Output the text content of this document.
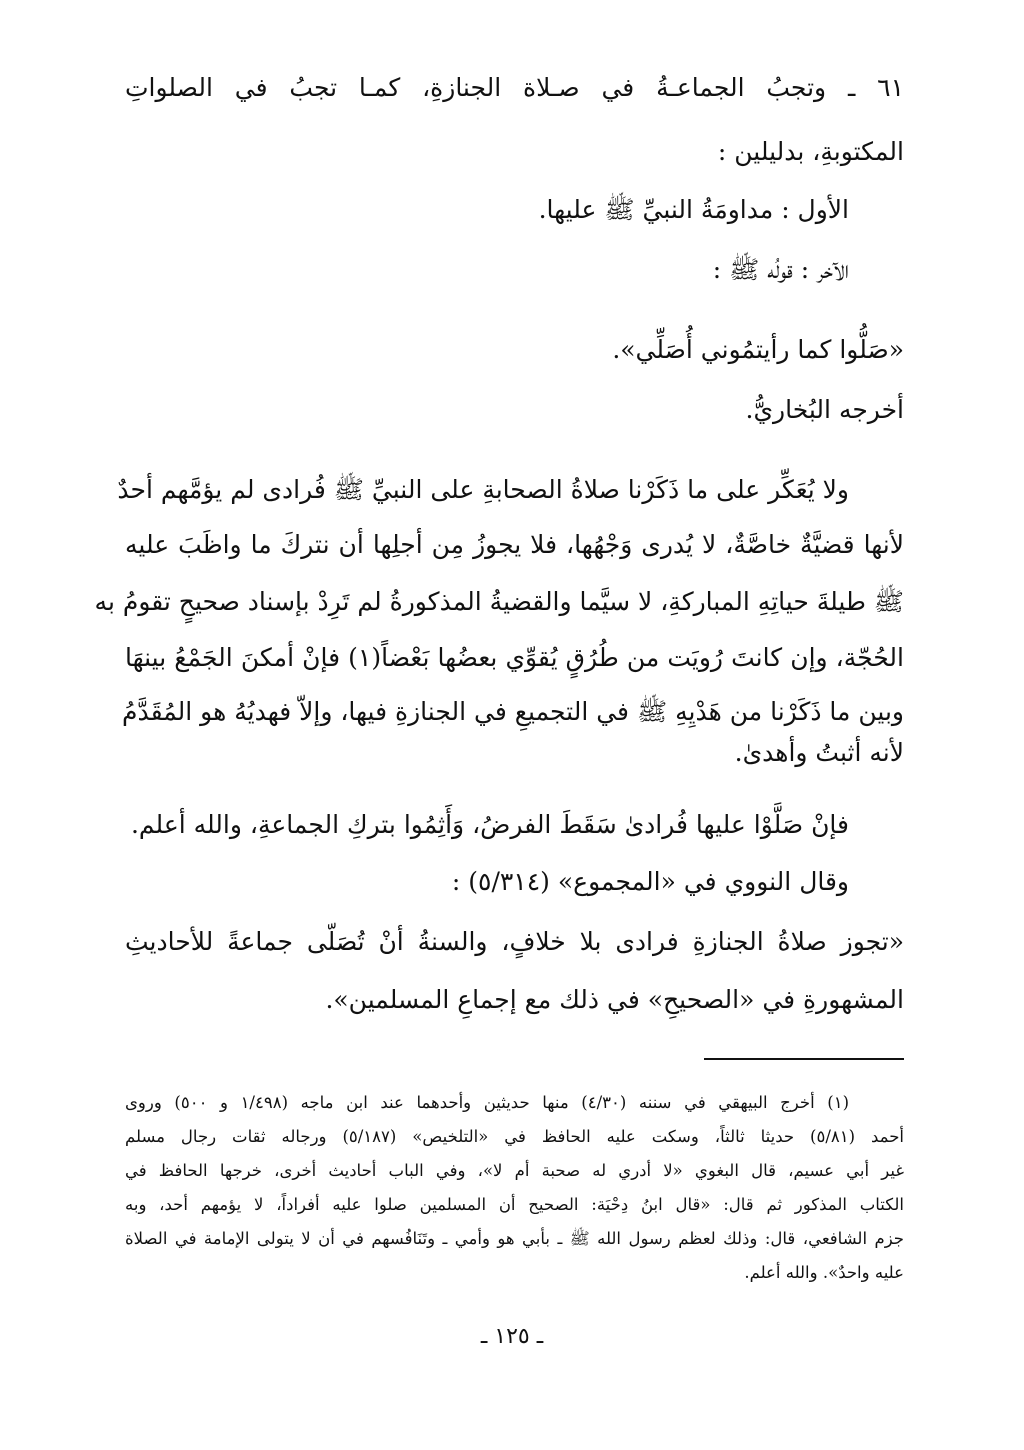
٦١ ـ وتجبُ الجماعـةُ في صـلاة الجنازةِ، كمـا تجبُ في الصلواتِ
المكتوبةِ، بدليلين :
الأول : مداومَةُ النبيِّ ﷺ عليها.
الآخر : قولُه ﷺ :
«صَلُّوا كما رأيتمُوني أُصَلِّي».
أخرجه البُخاريُّ.
ولا يُعَكِّر على ما ذَكَرْنا صلاةُ الصحابةِ على النبيِّ ﷺ فُرادى لم يؤمَّهم أحدٌ
لأنها قضيَّةٌ خاصَّةٌ، لا يُدرى وَجْهُها، فلا يجوزُ مِن أجلِها أن نتركَ ما واظَبَ عليه
ﷺ طيلةَ حياتِهِ المباركةِ، لا سيَّما والقضيةُ المذكورةُ لم تَرِدْ بإسناد صحيحٍ تقومُ به
الحُجّة، وإن كانتَ رُويَت من طُرُقٍ يُقوِّي بعضُها بَعْضاً(١) فإنْ أمكنَ الجَمْعُ بينهَا
وبين ما ذَكَرْنا من هَدْيِهِ ﷺ في التجميعِ في الجنازةِ فيها، وإلاّ فهديُهُ هو المُقَدَّمُ
لأنه أثبتُ وأهدىٰ.
فإنْ صَلَّوْا عليها فُرادىٰ سَقَطَ الفرضُ، وَأَثِمُوا بتركِ الجماعةِ، والله أعلم.
وقال النووي في «المجموع» (٥/٣١٤) :
«تجوز صلاةُ الجنازةِ فرادى بلا خلافٍ، والسنةُ أنْ تُصَلّى جماعةً للأحاديثِ
المشهورةِ في «الصحيحِ» في ذلك مع إجماعِ المسلمين».
(١) أخرج البيهقي في سننه (٤/٣٠) منها حديثين وأحدهما عند ابن ماجه (١/٤٩٨ و ٥٠٠) وروى
أحمد (٥/٨١) حديثا ثالثاً، وسكت عليه الحافظ في «التلخيص» (٥/١٨٧) ورجاله ثقات رجال مسلم
غير أبي عسيم، قال البغوي «لا أدري له صحبة أم لا»، وفي الباب أحاديث أخرى، خرجها الحافظ في
الكتاب المذكور ثم قال: «قال ابنُ دِحْيَة: الصحيح أن المسلمين صلوا عليه أفراداً، لا يؤمهم أحد، وبه
جزم الشافعي، قال: وذلك لعظم رسول الله ﷺ ـ بأبي هو وأمي ـ وتَنَافُسهم في أن لا يتولى الإمامة في الصلاة
عليه واحدٌ». والله أعلم.
ـ ١٢٥ ـ
